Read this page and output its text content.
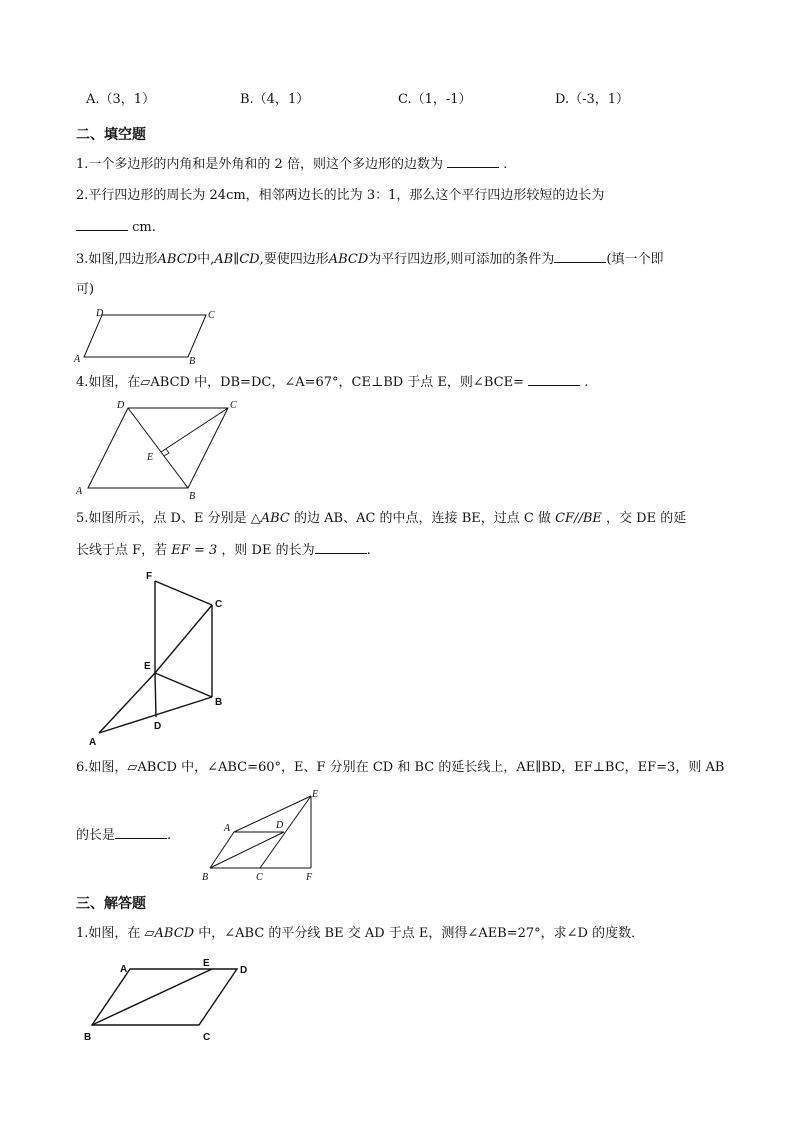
A.（3，1）	B.（4，1）	C.（1，-1）	D.（-3，1）
二、填空题
1.一个多边形的内角和是外角和的 2 倍，则这个多边形的边数为	.
2.平行四边形的周长为 24cm，相邻两边长的比为 3：1，那么这个平行四边形较短的边长为
cm.
3.如图,四边形ABCD中,AB∥CD,要使四边形ABCD为平行四边形,则可添加的条件为	(填一个即
可)
A	B
C
D
4.如图，在▱ABCD 中，DB=DC，∠A=67°，CE⊥BD 于点 E，则∠BCE=	.
A	B
C
D
E
5.如图所示，点 D、E 分别是 △ABC 的边 AB、AC 的中点，连接 BE，过点 C 做 CF//BE ，交 DE 的延
长线于点 F，若 EF = 3 ，则 DE 的长为	.
A
B
C
D
E
F
6.如图，▱ABCD 中，∠ABC=60°，E、F 分别在 CD 和 BC 的延长线上，AE∥BD，EF⊥BC，EF=3，则 AB
的长是	.	A
B	C
D
E
F
三、解答题
1.如图，在 ▱ABCD 中，∠ABC 的平分线 BE 交 AD 于点 E，测得∠AEB=27°，求∠D 的度数．
B	C
D
A
E
